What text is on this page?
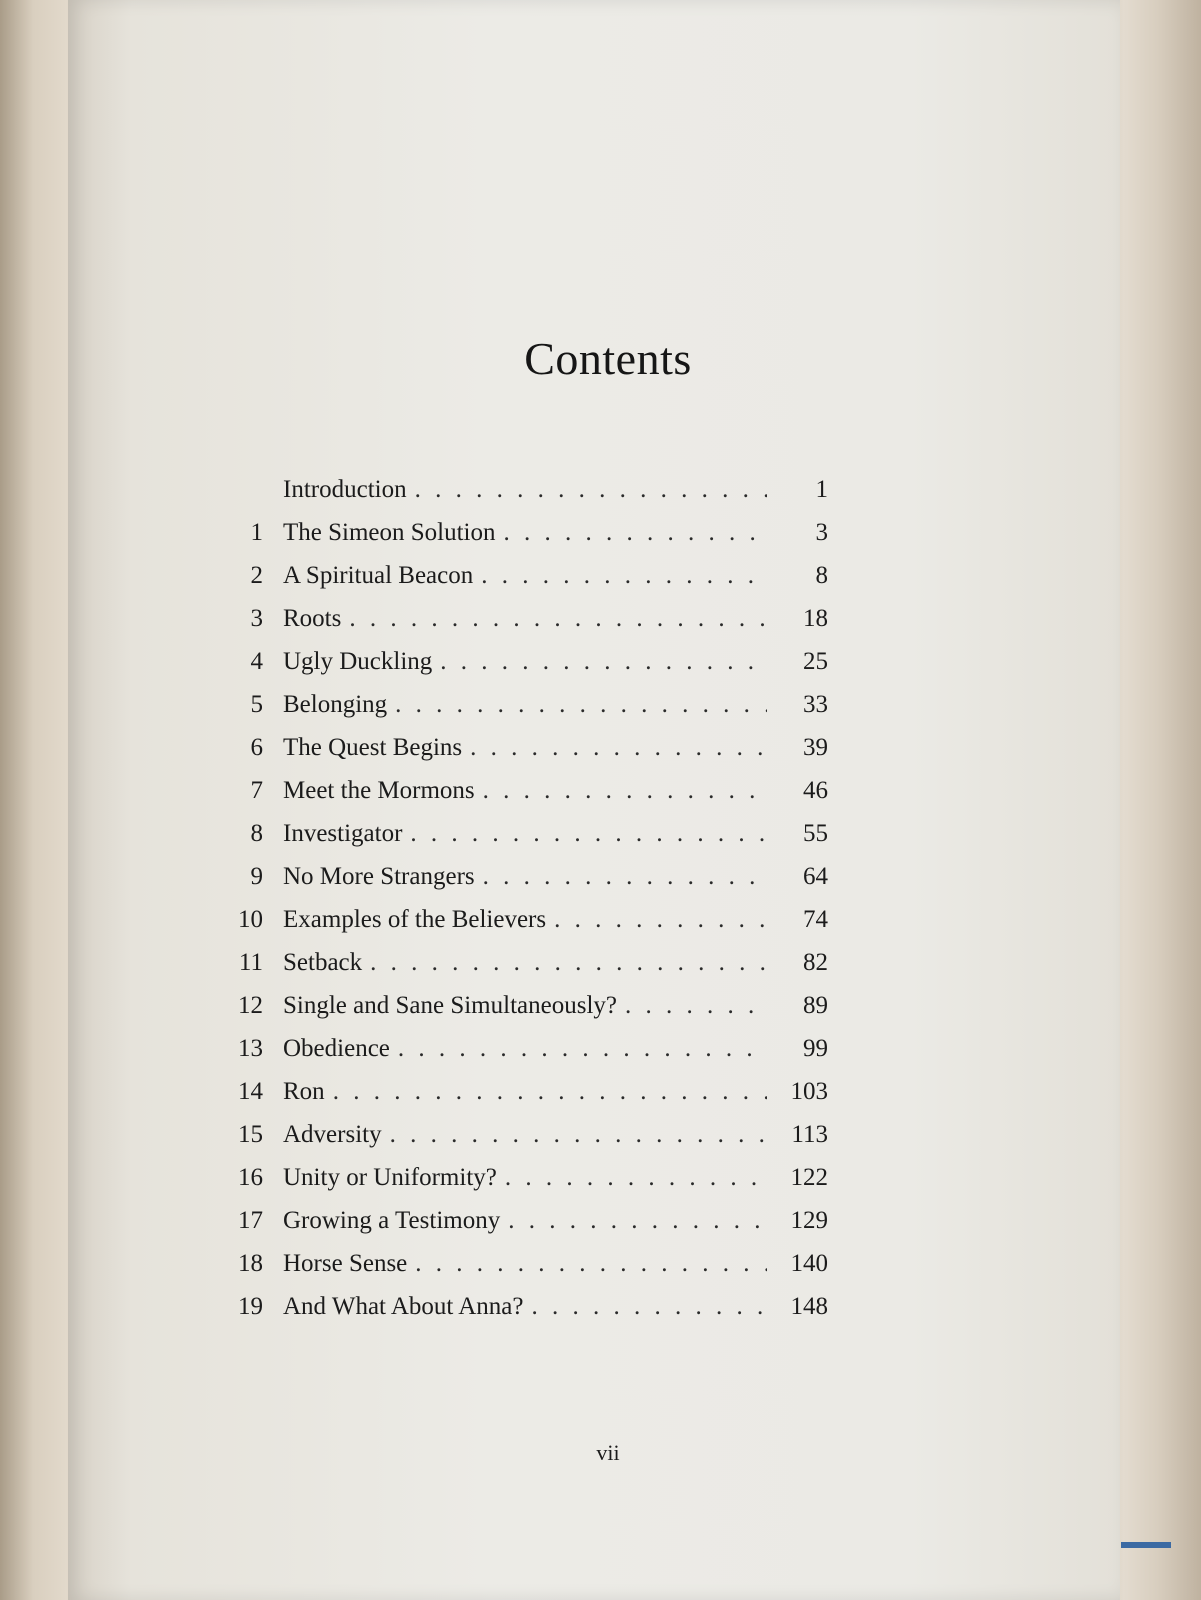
Contents
Introduction . . .	1
1 The Simeon Solution . . .	3
2 A Spiritual Beacon . . .	8
3 Roots . . .	18
4 Ugly Duckling . . .	25
5 Belonging . . .	33
6 The Quest Begins . . .	39
7 Meet the Mormons . . .	46
8 Investigator . . .	55
9 No More Strangers . . .	64
10 Examples of the Believers . . .	74
11 Setback . . .	82
12 Single and Sane Simultaneously? . . .	89
13 Obedience . . .	99
14 Ron . . .	103
15 Adversity . . .	113
16 Unity or Uniformity? . . .	122
17 Growing a Testimony . . .	129
18 Horse Sense . . .	140
19 And What About Anna? . . .	148
vii
